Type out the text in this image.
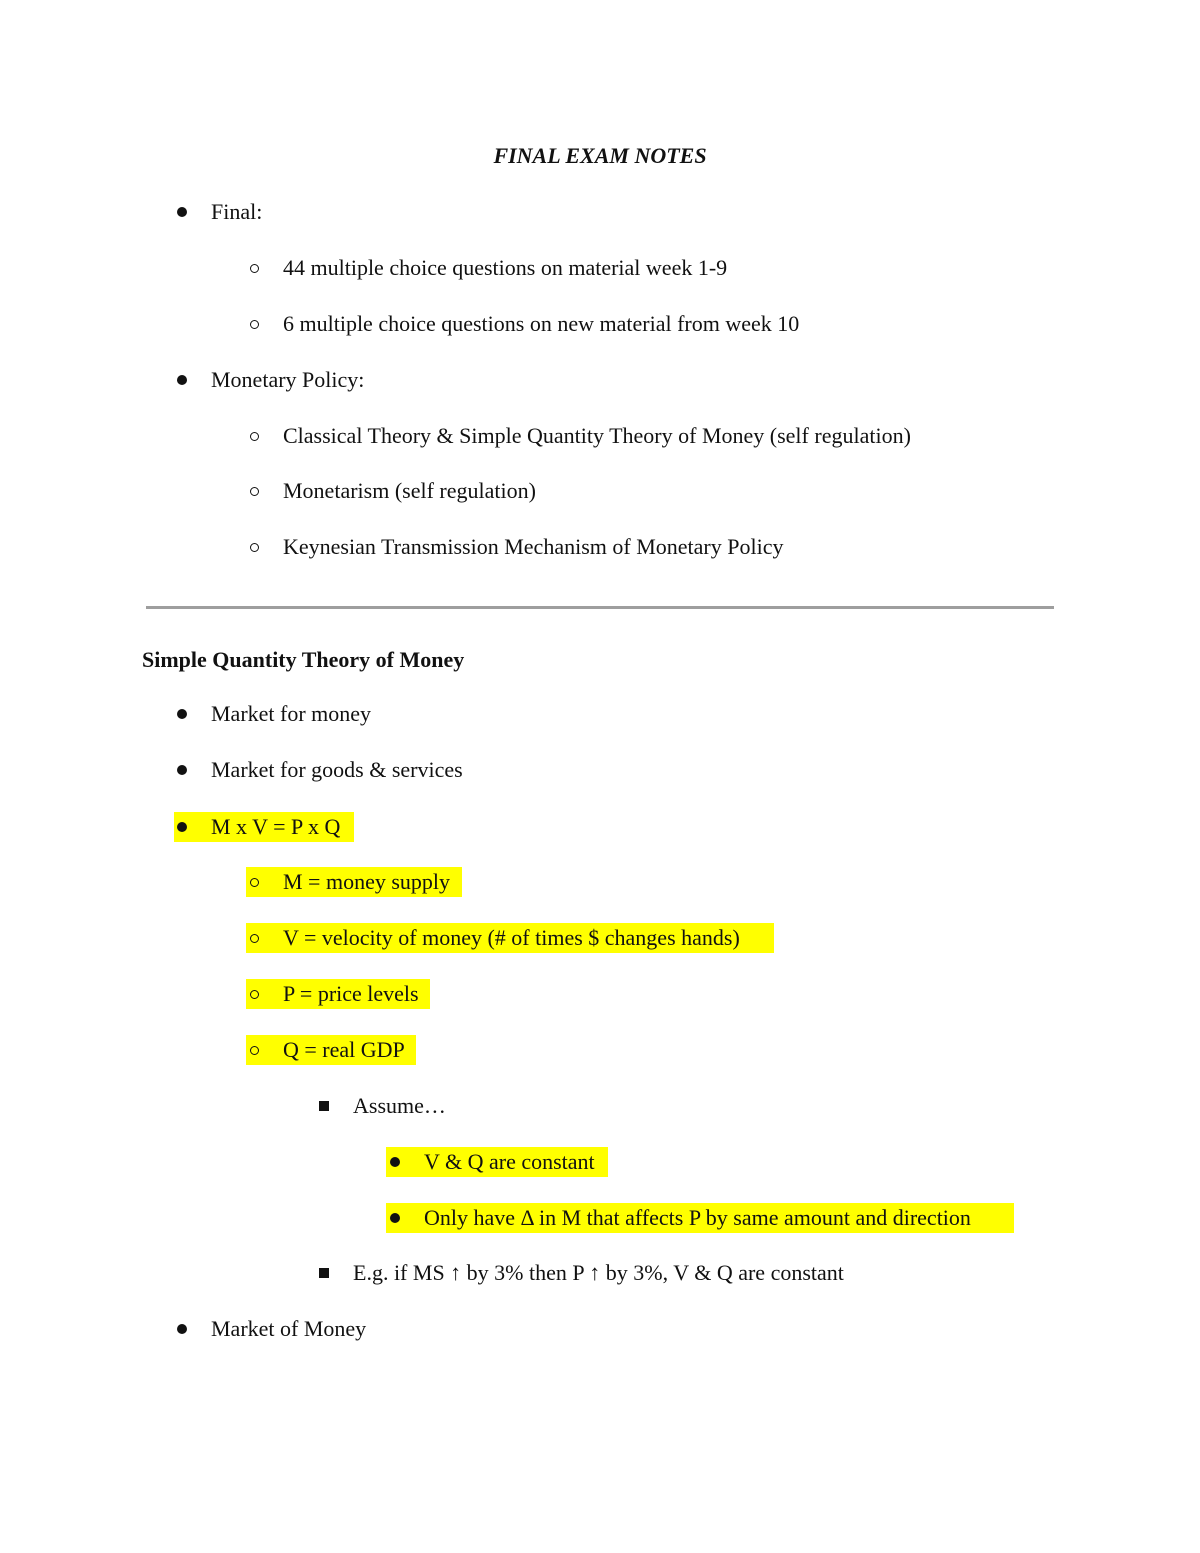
FINAL EXAM NOTES
Final:
44 multiple choice questions on material week 1-9
6 multiple choice questions on new material from week 10
Monetary Policy:
Classical Theory & Simple Quantity Theory of Money (self regulation)
Monetarism (self regulation)
Keynesian Transmission Mechanism of Monetary Policy
Simple Quantity Theory of Money
Market for money
Market for goods & services
M x V = P x Q
M = money supply
V = velocity of money (# of times $ changes hands)
P = price levels
Q = real GDP
Assume…
V & Q are constant
Only have Δ in M that affects P by same amount and direction
E.g. if MS ↑ by 3% then P ↑ by 3%, V & Q are constant
Market of Money
